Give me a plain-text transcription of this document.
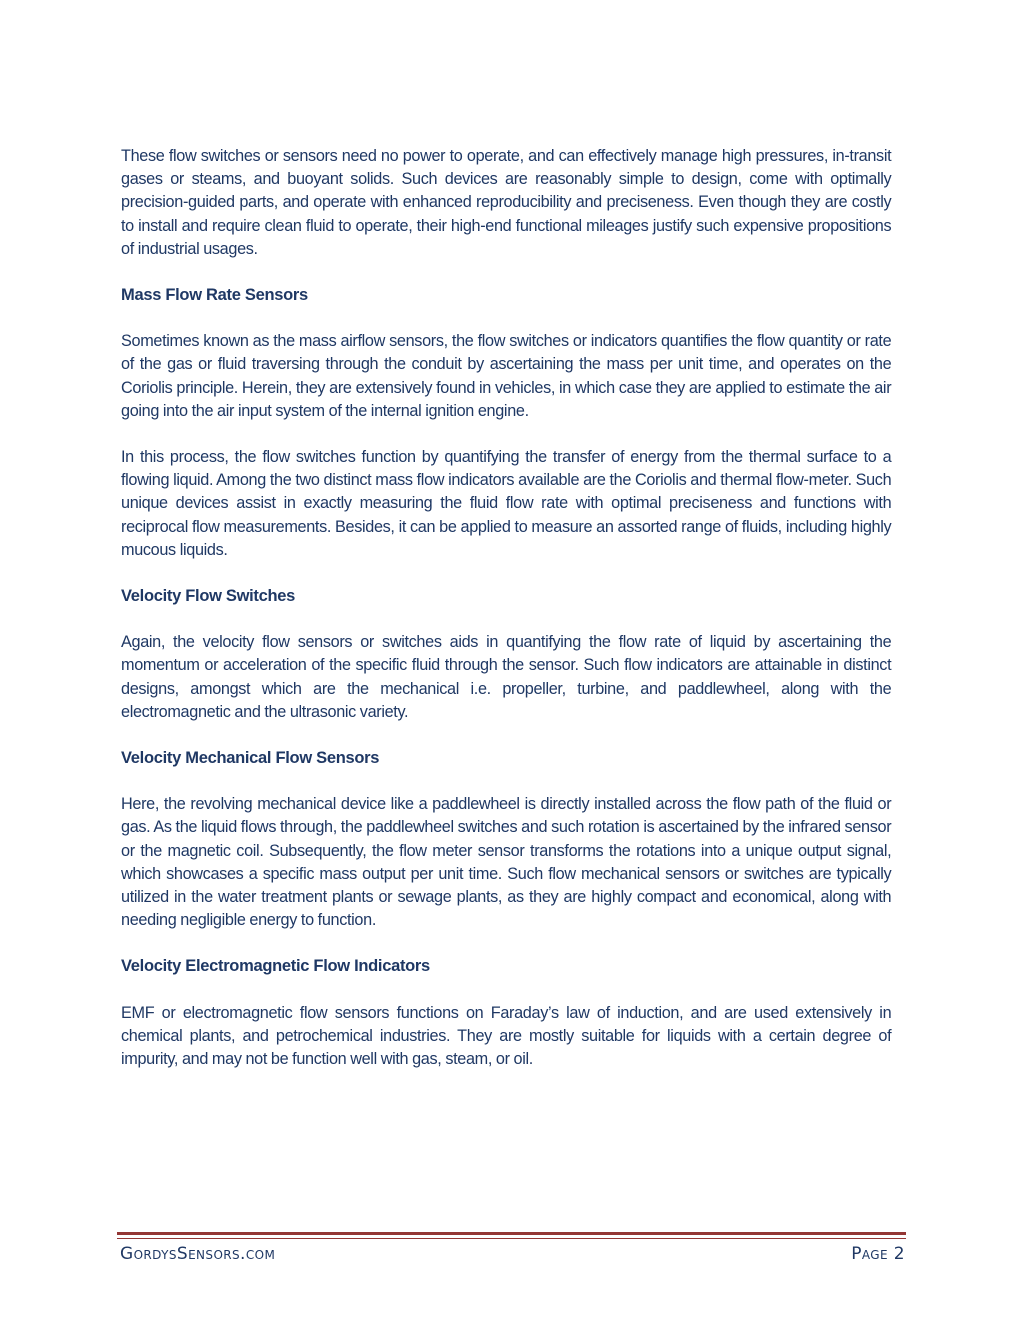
These flow switches or sensors need no power to operate, and can effectively manage high pressures, in-transit gases or steams, and buoyant solids. Such devices are reasonably simple to design, come with optimally precision-guided parts, and operate with enhanced reproducibility and preciseness. Even though they are costly to install and require clean fluid to operate, their high-end functional mileages justify such expensive propositions of industrial usages.

Mass Flow Rate Sensors

Sometimes known as the mass airflow sensors, the flow switches or indicators quantifies the flow quantity or rate of the gas or fluid traversing through the conduit by ascertaining the mass per unit time, and operates on the Coriolis principle. Herein, they are extensively found in vehicles, in which case they are applied to estimate the air going into the air input system of the internal ignition engine.

In this process, the flow switches function by quantifying the transfer of energy from the thermal surface to a flowing liquid. Among the two distinct mass flow indicators available are the Coriolis and thermal flow-meter. Such unique devices assist in exactly measuring the fluid flow rate with optimal preciseness and functions with reciprocal flow measurements. Besides, it can be applied to measure an assorted range of fluids, including highly mucous liquids.

Velocity Flow Switches

Again, the velocity flow sensors or switches aids in quantifying the flow rate of liquid by ascertaining the momentum or acceleration of the specific fluid through the sensor. Such flow indicators are attainable in distinct designs, amongst which are the mechanical i.e. propeller, turbine, and paddlewheel, along with the electromagnetic and the ultrasonic variety.

Velocity Mechanical Flow Sensors

Here, the revolving mechanical device like a paddlewheel is directly installed across the flow path of the fluid or gas. As the liquid flows through, the paddlewheel switches and such rotation is ascertained by the infrared sensor or the magnetic coil. Subsequently, the flow meter sensor transforms the rotations into a unique output signal, which showcases a specific mass output per unit time. Such flow mechanical sensors or switches are typically utilized in the water treatment plants or sewage plants, as they are highly compact and economical, along with needing negligible energy to function.

Velocity Electromagnetic Flow Indicators

EMF or electromagnetic flow sensors functions on Faraday’s law of induction, and are used extensively in chemical plants, and petrochemical industries. They are mostly suitable for liquids with a certain degree of impurity, and may not be function well with gas, steam, or oil.

GordysSensors.com	Page 2
